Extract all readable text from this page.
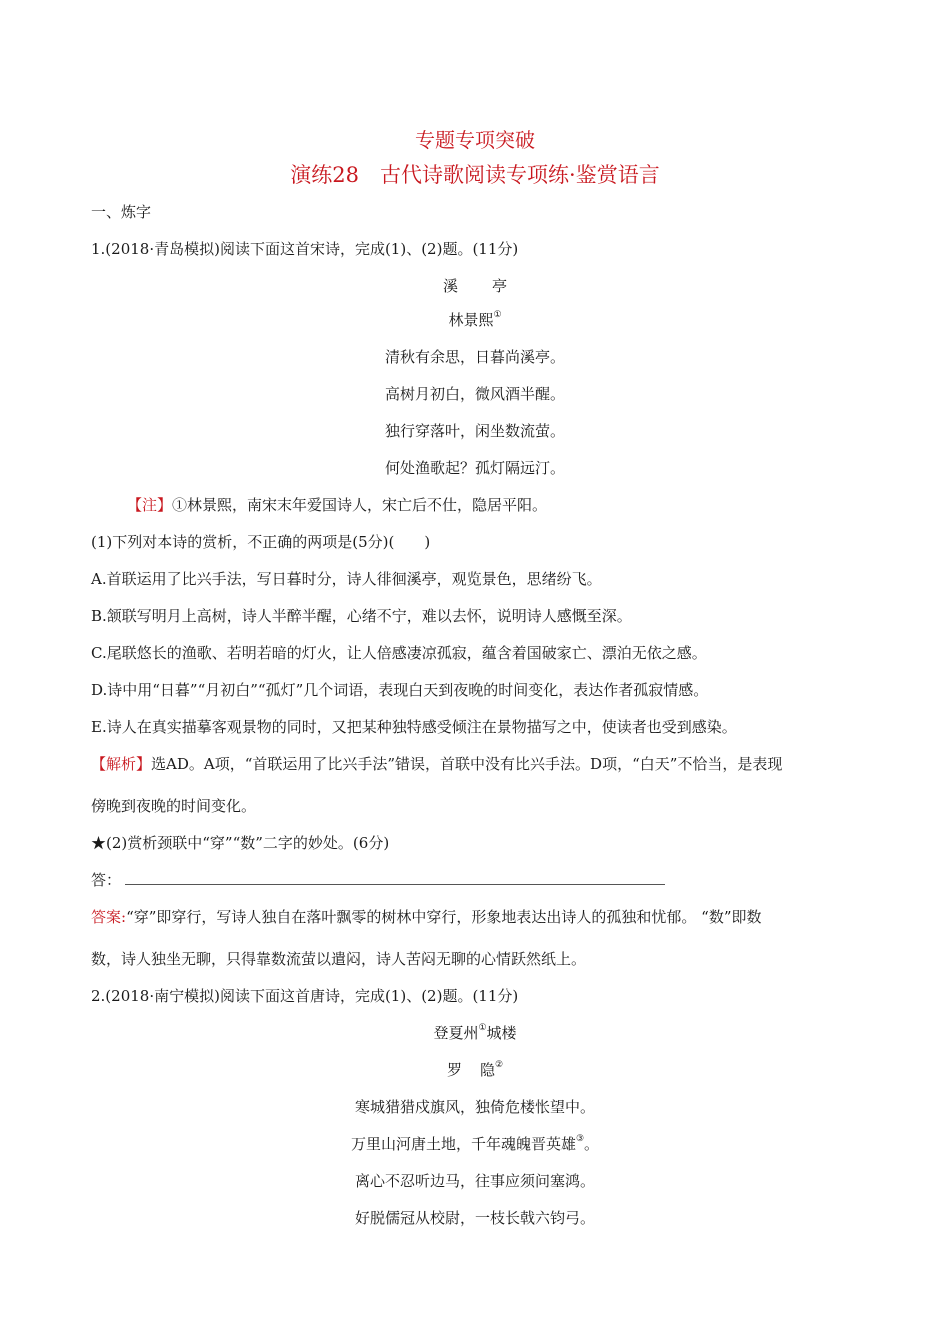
专题专项突破
演练28　古代诗歌阅读专项练·鉴赏语言
一、炼字
1.(2018·青岛模拟)阅读下面这首宋诗，完成(1)、(2)题。(11分)
溪 亭
林景熙①
清秋有余思，日暮尚溪亭。
高树月初白，微风酒半醒。
独行穿落叶，闲坐数流萤。
何处渔歌起？孤灯隔远汀。
【注】①林景熙，南宋末年爱国诗人，宋亡后不仕，隐居平阳。
(1)下列对本诗的赏析，不正确的两项是(5分)(　　)
A.首联运用了比兴手法，写日暮时分，诗人徘徊溪亭，观览景色，思绪纷飞。
B.颔联写明月上高树，诗人半醉半醒，心绪不宁，难以去怀，说明诗人感慨至深。
C.尾联悠长的渔歌、若明若暗的灯火，让人倍感凄凉孤寂，蕴含着国破家亡、漂泊无依之感。
D.诗中用“日暮”“月初白”“孤灯”几个词语，表现白天到夜晚的时间变化，表达作者孤寂情感。
E.诗人在真实描摹客观景物的同时，又把某种独特感受倾注在景物描写之中，使读者也受到感染。
【解析】选AD。A项，“首联运用了比兴手法”错误，首联中没有比兴手法。D项，“白天”不恰当，是表现
傍晚到夜晚的时间变化。
★(2)赏析颈联中“穿”“数”二字的妙处。(6分)
答：
答案:“穿”即穿行，写诗人独自在落叶飘零的树林中穿行，形象地表达出诗人的孤独和忧郁。 “数”即数
数，诗人独坐无聊，只得靠数流萤以遣闷，诗人苦闷无聊的心情跃然纸上。
2.(2018·南宁模拟)阅读下面这首唐诗，完成(1)、(2)题。(11分)
登夏州①城楼
罗 隐②
寒城猎猎戍旗风，独倚危楼怅望中。
万里山河唐土地，千年魂魄晋英雄③。
离心不忍听边马，往事应须问塞鸿。
好脱儒冠从校尉，一枝长戟六钧弓。
